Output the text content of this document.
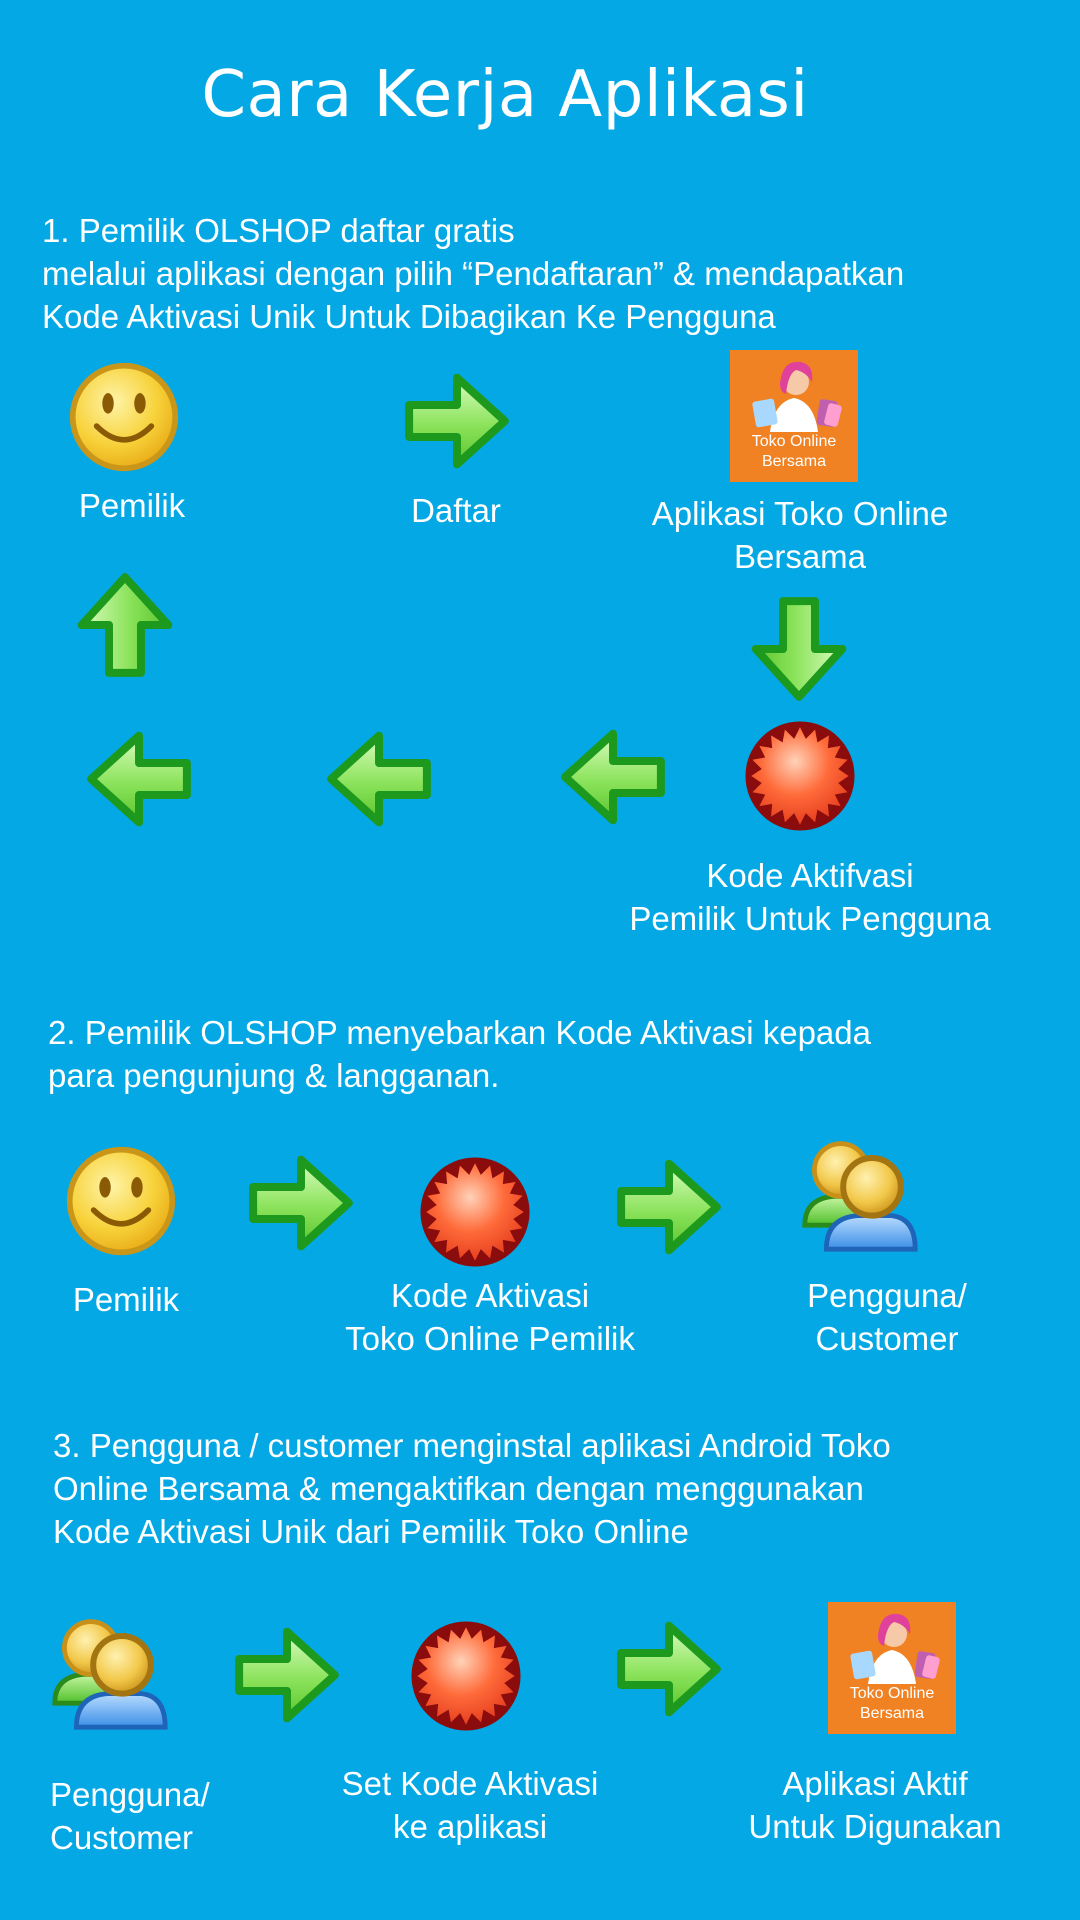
Cara Kerja Aplikasi
1. Pemilik OLSHOP daftar gratis
melalui aplikasi dengan pilih “Pendaftaran” & mendapatkan
Kode Aktivasi Unik Untuk Dibagikan Ke Pengguna
Pemilik	Daftar
Toko Online
Bersama
Aplikasi Toko Online
Bersama
Kode Aktifvasi
Pemilik Untuk Pengguna
2. Pemilik OLSHOP menyebarkan Kode Aktivasi kepada
para pengunjung & langganan.
Pemilik	Kode Aktivasi
Toko Online Pemilik
Pengguna/
Customer
3. Pengguna / customer menginstal aplikasi Android Toko
Online Bersama & mengaktifkan dengan menggunakan
Kode Aktivasi Unik dari Pemilik Toko Online
Pengguna/
Customer
Set Kode Aktivasi
ke aplikasi
Toko Online
Bersama
Aplikasi Aktif
Untuk Digunakan
